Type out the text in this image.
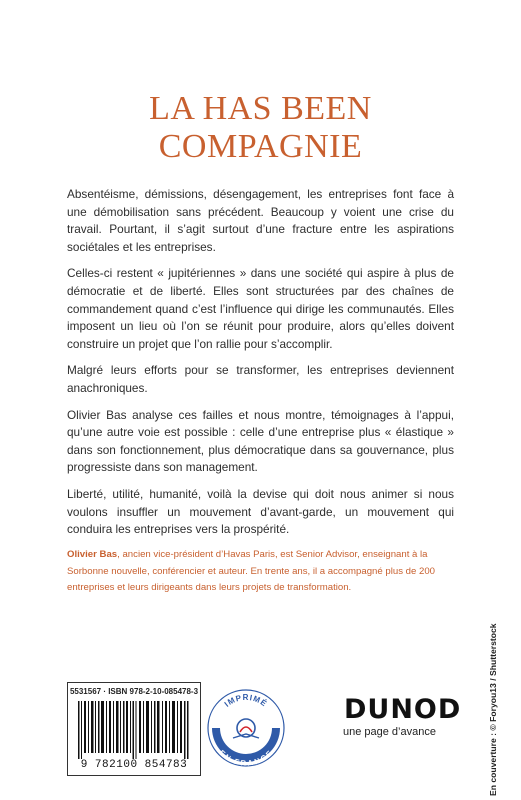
LA HAS BEEN
COMPAGNIE

Absentéisme, démissions, désengagement, les entreprises font face à une démobilisation sans précédent. Beaucoup y voient une crise du travail. Pourtant, il s’agit surtout d’une fracture entre les aspirations sociétales et les entreprises.

Celles-ci restent « jupitériennes » dans une société qui aspire à plus de démocratie et de liberté. Elles sont structurées par des chaînes de commandement quand c’est l’influence qui dirige les communautés. Elles imposent un lieu où l’on se réunit pour produire, alors qu’elles doivent construire un projet que l’on rallie pour s’accomplir.

Malgré leurs efforts pour se transformer, les entreprises deviennent anachroniques.

Olivier Bas analyse ces failles et nous montre, témoignages à l’appui, qu’une autre voie est possible : celle d’une entreprise plus « élastique » dans son fonctionnement, plus démocratique dans sa gouvernance, plus progressiste dans son management.

Liberté, utilité, humanité, voilà la devise qui doit nous animer si nous voulons insuffler un mouvement d’avant-garde, un mouvement qui conduira les entreprises vers la prospérité.

Olivier Bas, ancien vice-président d’Havas Paris, est Senior Advisor, enseignant à la Sorbonne nouvelle, conférencier et auteur. En trente ans, il a accompagné plus de 200 entreprises et leurs dirigeants dans leurs projets de transformation.
En couverture : © Foryou13 / Shutterstock
5531567 · ISBN 978-2-10-085478-3
9 782100 854783
IMPRIMÉ
EN FRANCE
DUNOD
une page d’avance
